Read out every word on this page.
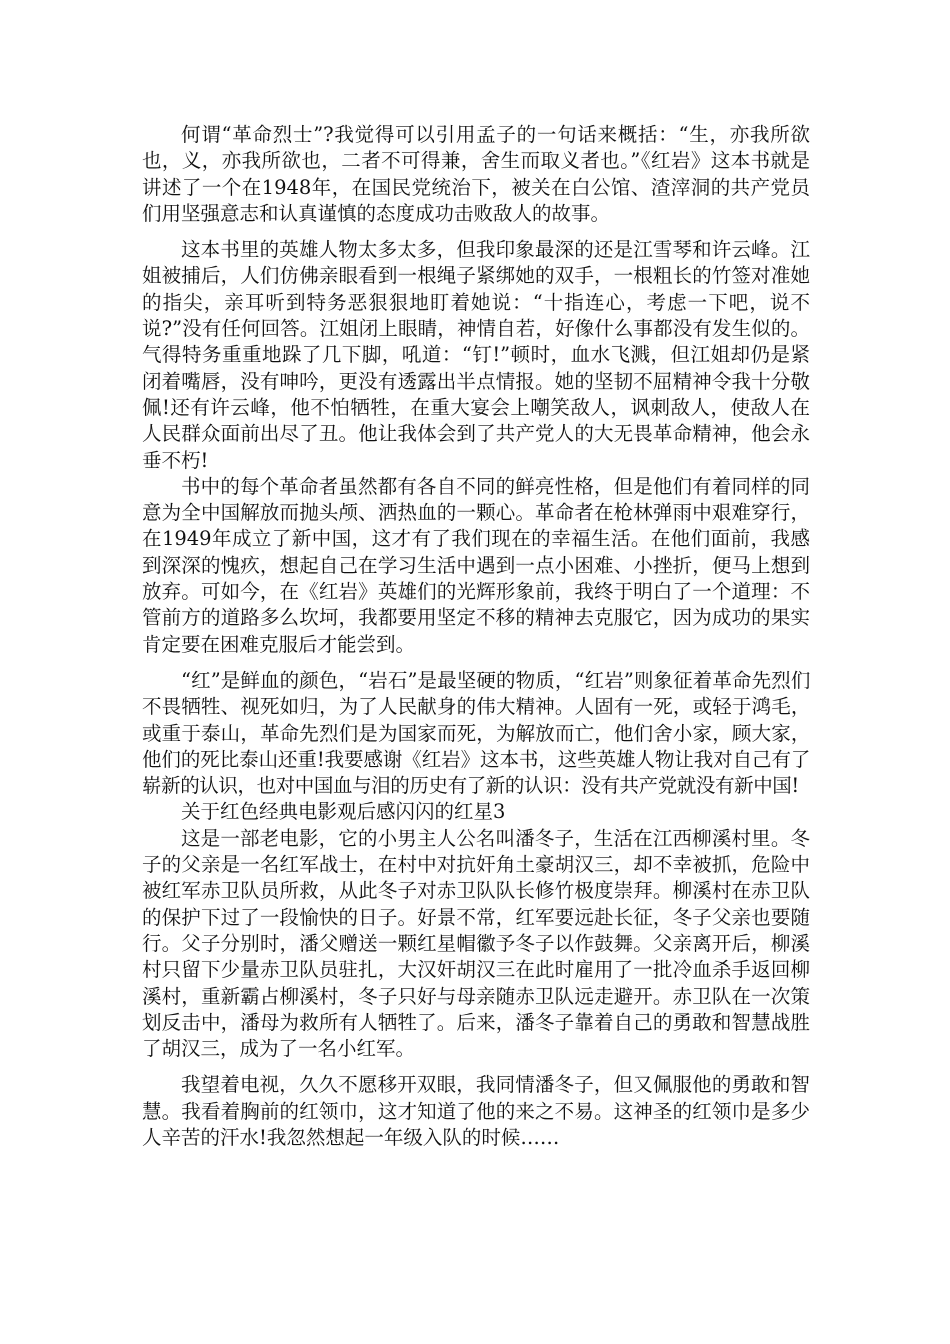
何谓“革命烈士”?我觉得可以引用孟子的一句话来概括：“生，亦我所欲也，义，亦我所欲也，二者不可得兼，舍生而取义者也。”《红岩》这本书就是讲述了一个在1948年，在国民党统治下，被关在白公馆、渣滓洞的共产党员们用坚强意志和认真谨慎的态度成功击败敌人的故事。

这本书里的英雄人物太多太多，但我印象最深的还是江雪琴和许云峰。江姐被捕后，人们仿佛亲眼看到一根绳子紧绑她的双手，一根粗长的竹签对准她的指尖，亲耳听到特务恶狠狠地盯着她说：“十指连心，考虑一下吧，说不说?”没有任何回答。江姐闭上眼睛，神情自若，好像什么事都没有发生似的。气得特务重重地跺了几下脚，吼道：“钉!”顿时，血水飞溅，但江姐却仍是紧闭着嘴唇，没有呻吟，更没有透露出半点情报。她的坚韧不屈精神令我十分敬佩!还有许云峰，他不怕牺牲，在重大宴会上嘲笑敌人，讽刺敌人，使敌人在人民群众面前出尽了丑。他让我体会到了共产党人的大无畏革命精神，他会永垂不朽!

书中的每个革命者虽然都有各自不同的鲜亮性格，但是他们有着同样的同意为全中国解放而抛头颅、洒热血的一颗心。革命者在枪林弹雨中艰难穿行，在1949年成立了新中国，这才有了我们现在的幸福生活。在他们面前，我感到深深的愧疚，想起自己在学习生活中遇到一点小困难、小挫折，便马上想到放弃。可如今，在《红岩》英雄们的光辉形象前，我终于明白了一个道理：不管前方的道路多么坎坷，我都要用坚定不移的精神去克服它，因为成功的果实肯定要在困难克服后才能尝到。

“红”是鲜血的颜色，“岩石”是最坚硬的物质，“红岩”则象征着革命先烈们不畏牺牲、视死如归，为了人民献身的伟大精神。人固有一死，或轻于鸿毛，或重于泰山，革命先烈们是为国家而死，为解放而亡，他们舍小家，顾大家，他们的死比泰山还重!我要感谢《红岩》这本书，这些英雄人物让我对自己有了崭新的认识，也对中国血与泪的历史有了新的认识：没有共产党就没有新中国!

关于红色经典电影观后感闪闪的红星3

这是一部老电影，它的小男主人公名叫潘冬子，生活在江西柳溪村里。冬子的父亲是一名红军战士，在村中对抗奸角土豪胡汉三，却不幸被抓，危险中被红军赤卫队员所救，从此冬子对赤卫队队长修竹极度崇拜。柳溪村在赤卫队的保护下过了一段愉快的日子。好景不常，红军要远赴长征，冬子父亲也要随行。父子分别时，潘父赠送一颗红星帽徽予冬子以作鼓舞。父亲离开后，柳溪村只留下少量赤卫队员驻扎，大汉奸胡汉三在此时雇用了一批冷血杀手返回柳溪村，重新霸占柳溪村，冬子只好与母亲随赤卫队远走避开。赤卫队在一次策划反击中，潘母为救所有人牺牲了。后来，潘冬子靠着自己的勇敢和智慧战胜了胡汉三，成为了一名小红军。

我望着电视，久久不愿移开双眼，我同情潘冬子，但又佩服他的勇敢和智慧。我看着胸前的红领巾，这才知道了他的来之不易。这神圣的红领巾是多少人辛苦的汗水!我忽然想起一年级入队的时候……
